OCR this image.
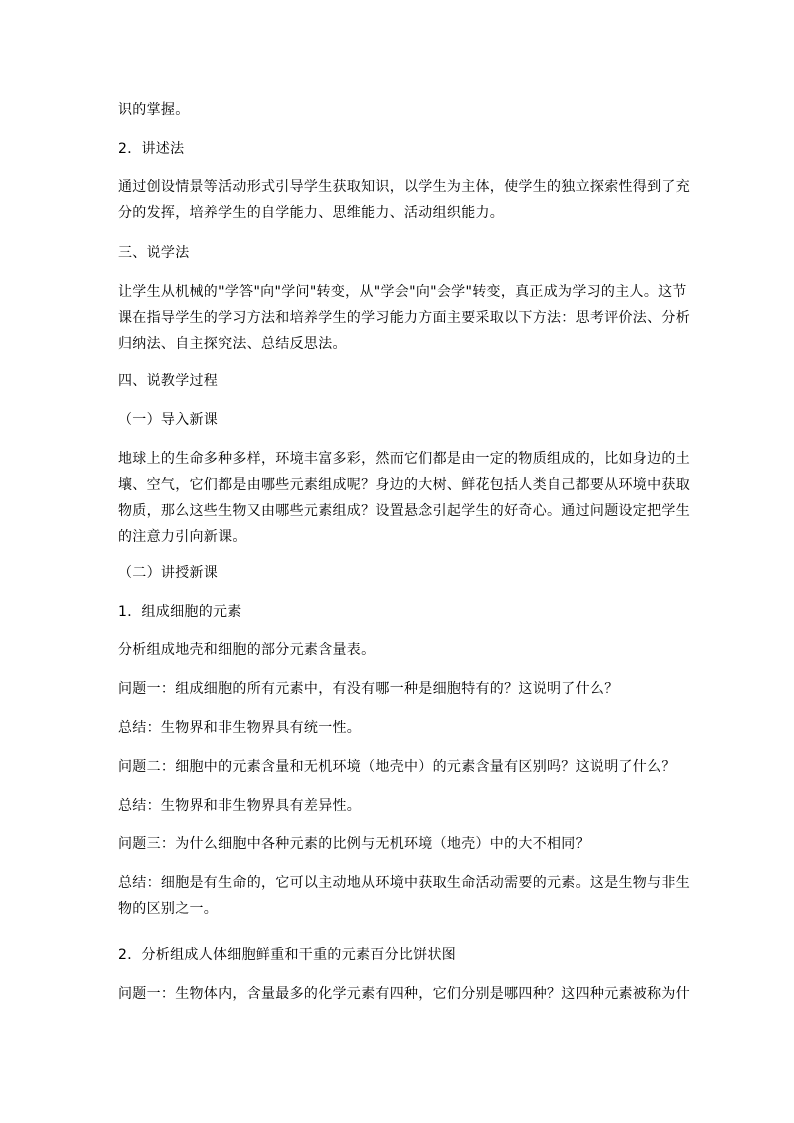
识的掌握。

2．讲述法

通过创设情景等活动形式引导学生获取知识，以学生为主体，使学生的独立探索性得到了充
分的发挥，培养学生的自学能力、思维能力、活动组织能力。

三、说学法

让学生从机械的"学答"向"学问"转变，从"学会"向"会学"转变，真正成为学习的主人。这节
课在指导学生的学习方法和培养学生的学习能力方面主要采取以下方法：思考评价法、分析
归纳法、自主探究法、总结反思法。

四、说教学过程

（一）导入新课

地球上的生命多种多样，环境丰富多彩，然而它们都是由一定的物质组成的，比如身边的土
壤、空气，它们都是由哪些元素组成呢？身边的大树、鲜花包括人类自己都要从环境中获取
物质，那么这些生物又由哪些元素组成？设置悬念引起学生的好奇心。通过问题设定把学生
的注意力引向新课。

（二）讲授新课

1．组成细胞的元素

分析组成地壳和细胞的部分元素含量表。

问题一：组成细胞的所有元素中，有没有哪一种是细胞特有的？这说明了什么？

总结：生物界和非生物界具有统一性。

问题二：细胞中的元素含量和无机环境（地壳中）的元素含量有区别吗？这说明了什么？

总结：生物界和非生物界具有差异性。

问题三：为什么细胞中各种元素的比例与无机环境（地壳）中的大不相同？

总结：细胞是有生命的，它可以主动地从环境中获取生命活动需要的元素。这是生物与非生
物的区别之一。

2．分析组成人体细胞鲜重和干重的元素百分比饼状图

问题一：生物体内，含量最多的化学元素有四种，它们分别是哪四种？这四种元素被称为什
